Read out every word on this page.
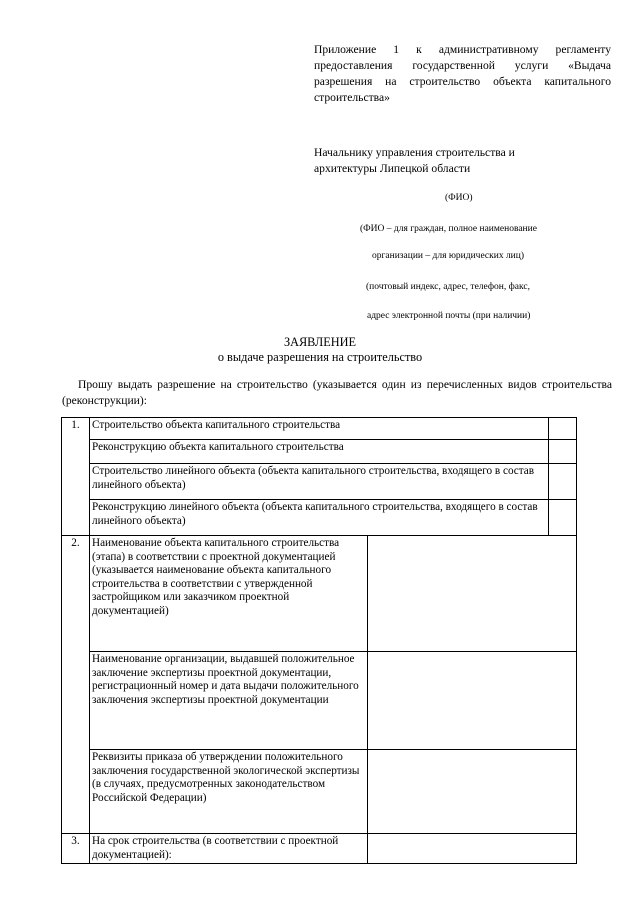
Приложение 1 к административному регламенту предоставления государственной услуги «Выдача разрешения на строительство объекта капитального строительства»
Начальнику управления строительства и
архитектуры Липецкой области
(ФИО)
(ФИО – для граждан, полное наименование
организации – для юридических лиц)
(почтовый индекс, адрес, телефон, факс,
адрес электронной почты (при наличии)
ЗАЯВЛЕНИЕ
о выдаче разрешения на строительство
Прошу выдать разрешение на строительство (указывается один из перечисленных видов строительства (реконструкции):
1.	Строительство объекта капитального строительства		
	Реконструкцию объекта капитального строительства		
	Строительство линейного объекта (объекта капитального строительства, входящего в состав линейного объекта)		
	Реконструкцию линейного объекта (объекта капитального строительства, входящего в состав линейного объекта)		
2.	Наименование объекта капитального строительства (этапа) в соответствии с проектной документацией (указывается наименование объекта капитального строительства в соответствии с утвержденной застройщиком или заказчиком проектной документацией)		
	Наименование организации, выдавшей положительное заключение экспертизы проектной документации, регистрационный номер и дата выдачи положительного заключения экспертизы проектной документации		
	Реквизиты приказа об утверждении положительного заключения государственной экологической экспертизы (в случаях, предусмотренных законодательством Российской Федерации)		
3.	На срок строительства (в соответствии с проектной документацией):		
